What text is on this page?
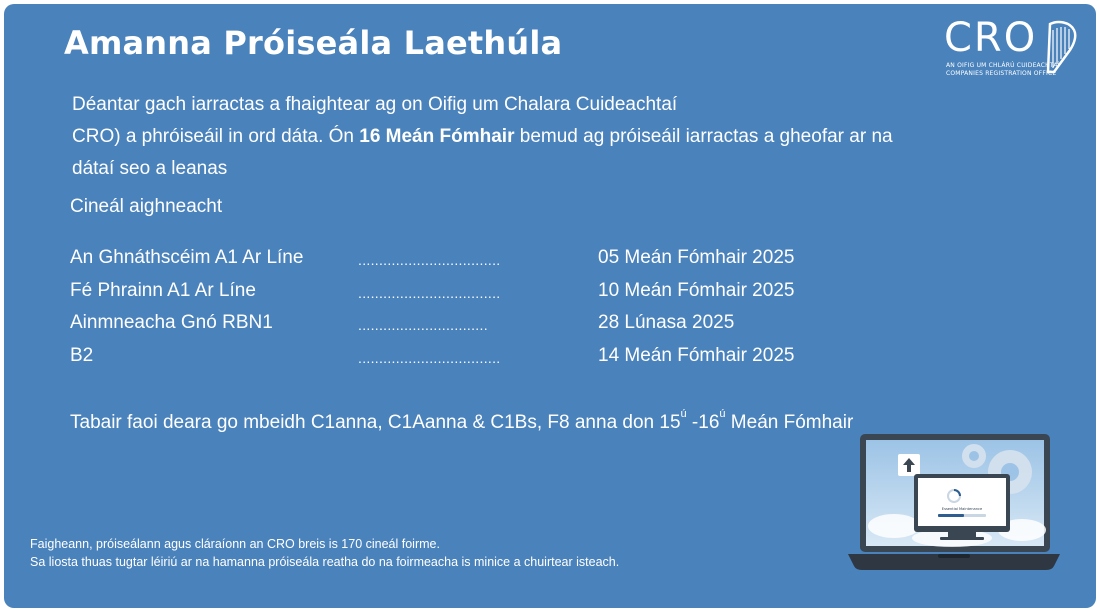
Amanna Próiseála Laethúla	CRO
AN OIFIG UM CHLÁRÚ CUIDEACHTAÍ
COMPANIES REGISTRATION OFFICE

Déantar gach iarractas a fhaightear ag on Oifig um Chalara Cuideachtaí
CRO) a phróiseáil in ord dáta. Ón 16 Meán Fómhair bemud ag próiseáil iarractas a gheofar ar na
dátaí seo a leanas

Cineál aighneacht
An Ghnáthscéim A1 Ar Líne	..................................	05 Meán Fómhair 2025
Fé Phrainn A1 Ar Líne	..................................	10 Meán Fómhair 2025
Ainmneacha Gnó RBN1	...............................	28 Lúnasa 2025
B2	..................................	14 Meán Fómhair 2025
Tabair faoi deara go mbeidh C1anna, C1Aanna & C1Bs, F8 anna don $15^ú$ $-16^ú$ Meán Fómhair
Faigheann, próiseálann agus cláraíonn an CRO breis is 170 cineál foirme.
Sa liosta thuas tugtar léiriú ar na hamanna próiseála reatha do na foirmeacha is minice a chuirtear isteach.
Essential Maintenance
